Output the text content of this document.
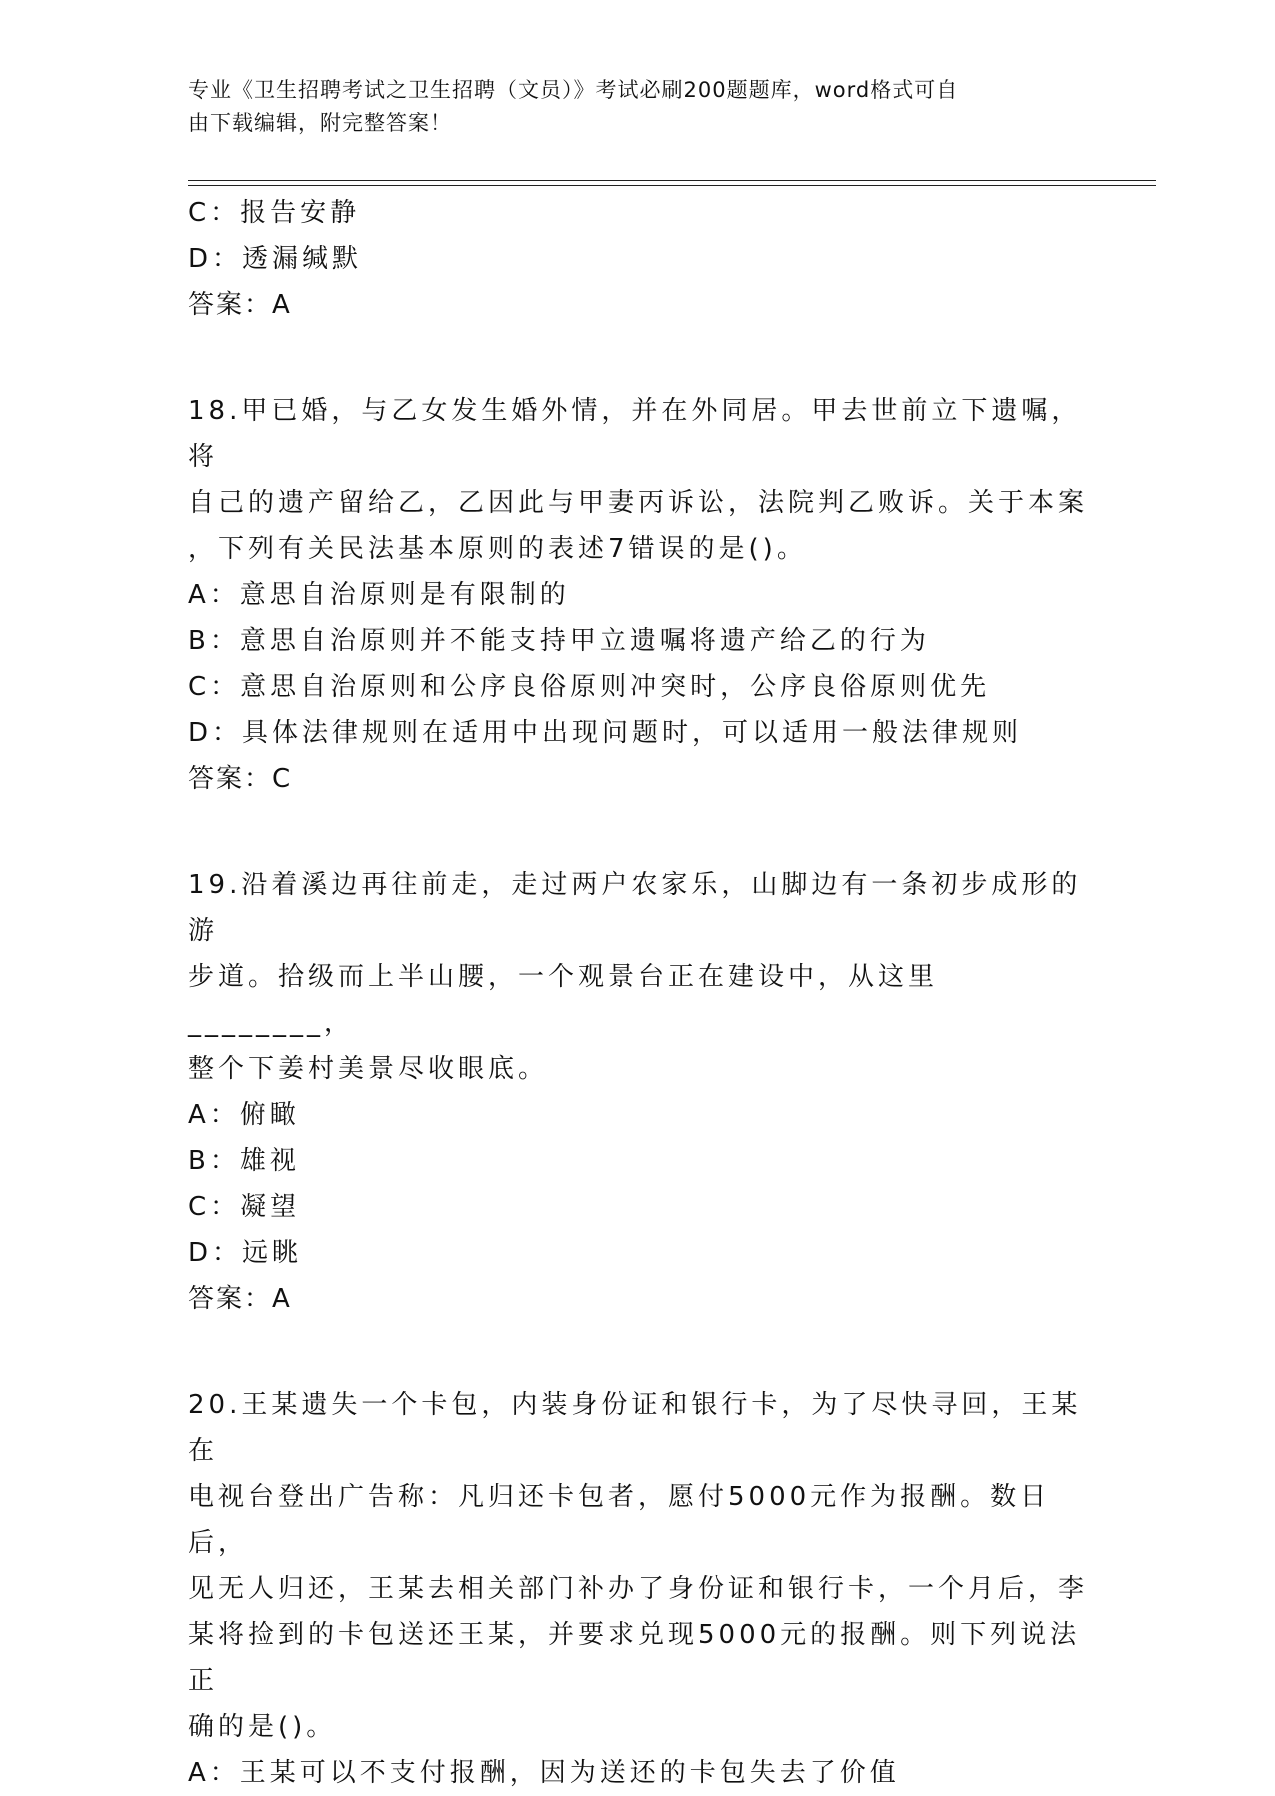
专业《卫生招聘考试之卫生招聘（文员）》考试必刷200题题库，word格式可自
由下载编辑，附完整答案！
C：报告安静
D：透漏缄默
答案：A
18.甲已婚，与乙女发生婚外情，并在外同居。甲去世前立下遗嘱，将
自己的遗产留给乙，乙因此与甲妻丙诉讼，法院判乙败诉。关于本案
，下列有关民法基本原则的表述7错误的是()。
A：意思自治原则是有限制的
B：意思自治原则并不能支持甲立遗嘱将遗产给乙的行为
C：意思自治原则和公序良俗原则冲突时，公序良俗原则优先
D：具体法律规则在适用中出现问题时，可以适用一般法律规则
答案：C
19.沿着溪边再往前走，走过两户农家乐，山脚边有一条初步成形的游
步道。拾级而上半山腰，一个观景台正在建设中，从这里________，
整个下姜村美景尽收眼底。
A：俯瞰
B：雄视
C：凝望
D：远眺
答案：A
20.王某遗失一个卡包，内装身份证和银行卡，为了尽快寻回，王某在
电视台登出广告称：凡归还卡包者，愿付5000元作为报酬。数日后，
见无人归还，王某去相关部门补办了身份证和银行卡，一个月后，李
某将捡到的卡包送还王某，并要求兑现5000元的报酬。则下列说法正
确的是()。
A：王某可以不支付报酬，因为送还的卡包失去了价值
